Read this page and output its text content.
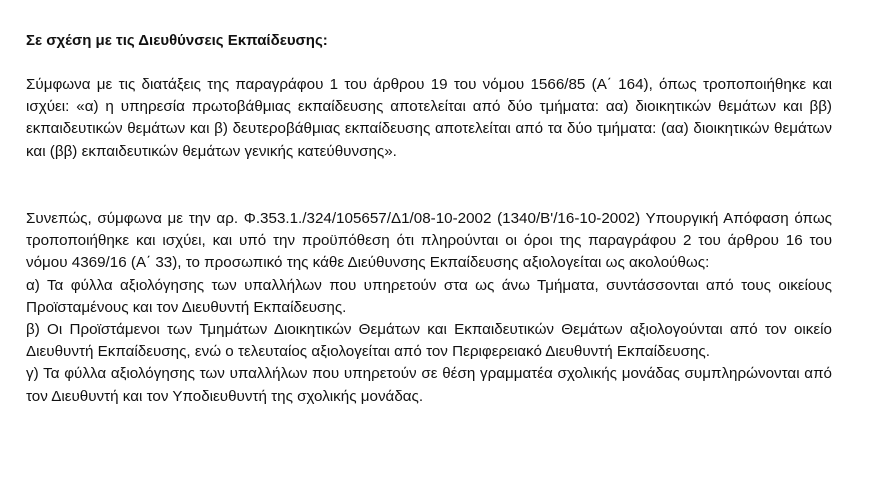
Σε σχέση με τις Διευθύνσεις Εκπαίδευσης:

Σύμφωνα με τις διατάξεις της παραγράφου 1 του άρθρου 19 του νόμου 1566/85 (Α΄ 164), όπως τροποποιήθηκε και ισχύει: «α) η υπηρεσία πρωτοβάθμιας εκπαίδευσης αποτελείται από δύο τμήματα: αα) διοικητικών θεμάτων και ββ) εκπαιδευτικών θεμάτων και β) δευτεροβάθμιας εκπαίδευσης αποτελείται από τα δύο τμήματα: (αα) διοικητικών θεμάτων και (ββ) εκπαιδευτικών θεμάτων γενικής κατεύθυνσης».

Συνεπώς, σύμφωνα με την αρ. Φ.353.1./324/105657/Δ1/08-10-2002 (1340/Β'/16-10-2002) Υπουργική Απόφαση όπως τροποποιήθηκε και ισχύει, και υπό την προϋπόθεση ότι πληρούνται οι όροι της παραγράφου 2 του άρθρου 16 του νόμου 4369/16 (Α΄ 33), το προσωπικό της κάθε Διεύθυνσης Εκπαίδευσης αξιολογείται ως ακολούθως:
α) Τα φύλλα αξιολόγησης των υπαλλήλων που υπηρετούν στα ως άνω Τμήματα, συντάσσονται από τους οικείους Προϊσταμένους και τον Διευθυντή Εκπαίδευσης.
β) Οι Προϊστάμενοι των Τμημάτων Διοικητικών Θεμάτων και Εκπαιδευτικών Θεμάτων αξιολογούνται από τον οικείο Διευθυντή Εκπαίδευσης, ενώ ο τελευταίος αξιολογείται από τον Περιφερειακό Διευθυντή Εκπαίδευσης.
γ) Τα φύλλα αξιολόγησης των υπαλλήλων που υπηρετούν σε θέση γραμματέα σχολικής μονάδας συμπληρώνονται από τον Διευθυντή και τον Υποδιευθυντή της σχολικής μονάδας.
